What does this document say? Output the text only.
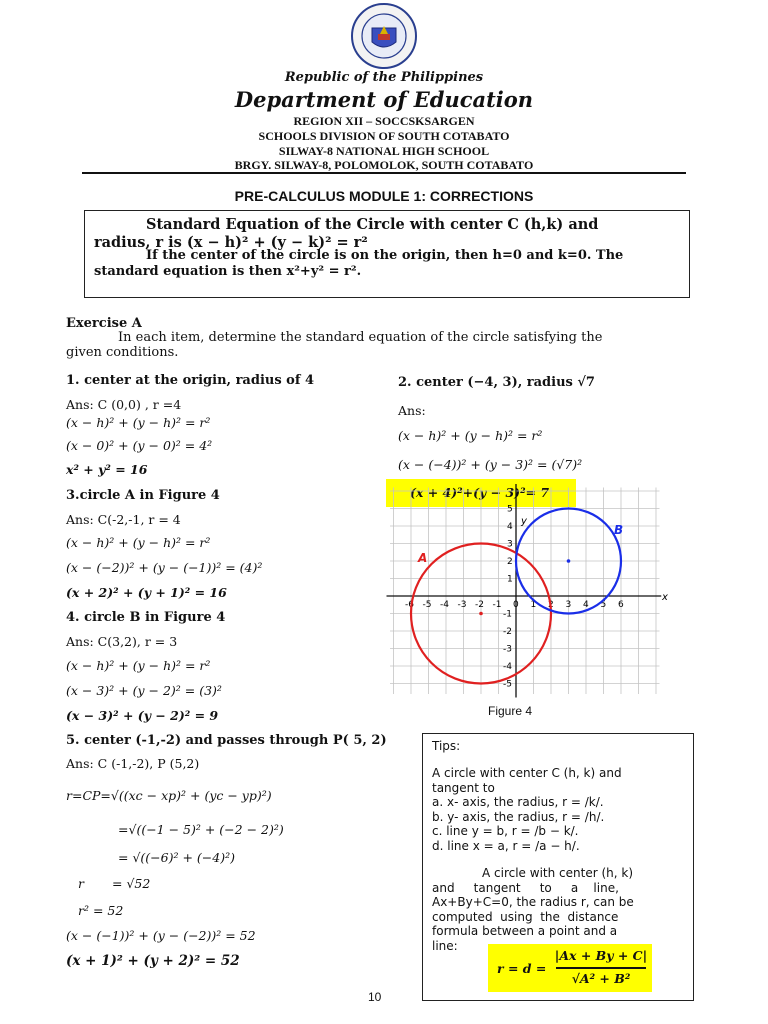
Republic of the Philippines
Department of Education
REGION XII – SOCCSKSARGEN
SCHOOLS DIVISION OF SOUTH COTABATO
SILWAY-8 NATIONAL HIGH SCHOOL
BRGY. SILWAY-8, POLOMOLOK, SOUTH COTABATO
PRE-CALCULUS MODULE 1: CORRECTIONS
Standard Equation of the Circle with center C (h,k) and
radius, r is (x − h)² + (y − k)² = r²
If the center of the circle is on the origin, then h=0 and k=0. The
standard equation is then x²+y² = r².
Exercise A
In each item, determine the standard equation of the circle satisfying the
given conditions.
1. center at the origin, radius of 4
Ans: C (0,0) , r =4
(x − h)² + (y − h)² = r²
(x − 0)² + (y − 0)² = 4²
x² + y² = 16
2. center (−4, 3), radius √7
Ans:
(x − h)² + (y − h)² = r²
(x − (−4))² + (y − 3)² = (√7)²
(x + 4)²+(y − 3)²= 7
3.circle A in Figure 4
Ans: C(-2,-1, r = 4
(x − h)² + (y − h)² = r²
(x − (−2))² + (y − (−1))² = (4)²
(x + 2)² + (y + 1)² = 16
4. circle B in Figure 4
Ans: C(3,2), r = 3
(x − h)² + (y − h)² = r²
(x − 3)² + (y − 2)² = (3)²
(x − 3)² + (y − 2)² = 9
5. center (-1,-2) and passes through P( 5, 2)
Ans: C (-1,-2), P (5,2)
r=CP=√((xc − xp)² + (yc − yp)²)
=√((−1 − 5)² + (−2 − 2)²)
= √((−6)² + (−4)²)
r = √52
r² = 52
(x − (−1))² + (y − (−2))² = 52
(x + 1)² + (y + 2)² = 52
-6 -5 -4 -3 -2 -1 0 1 2 3 4 5 6
5
4
3
2
1
-1
-2
-3
-4
-5
A
B
x
y
Figure 4
Tips:
A circle with center C (h, k) and
tangent to
a. x- axis, the radius, r = /k/.
b. y- axis, the radius, r = /h/.
c. line y = b, r = /b − k/.
d. line x = a, r = /a − h/.
A circle with center (h, k)
and     tangent     to     a    line,
Ax+By+C=0, the radius r, can be
computed  using  the  distance
formula between a point and a
line:
r = d =
|Ax + By + C|
√A² + B²
10
